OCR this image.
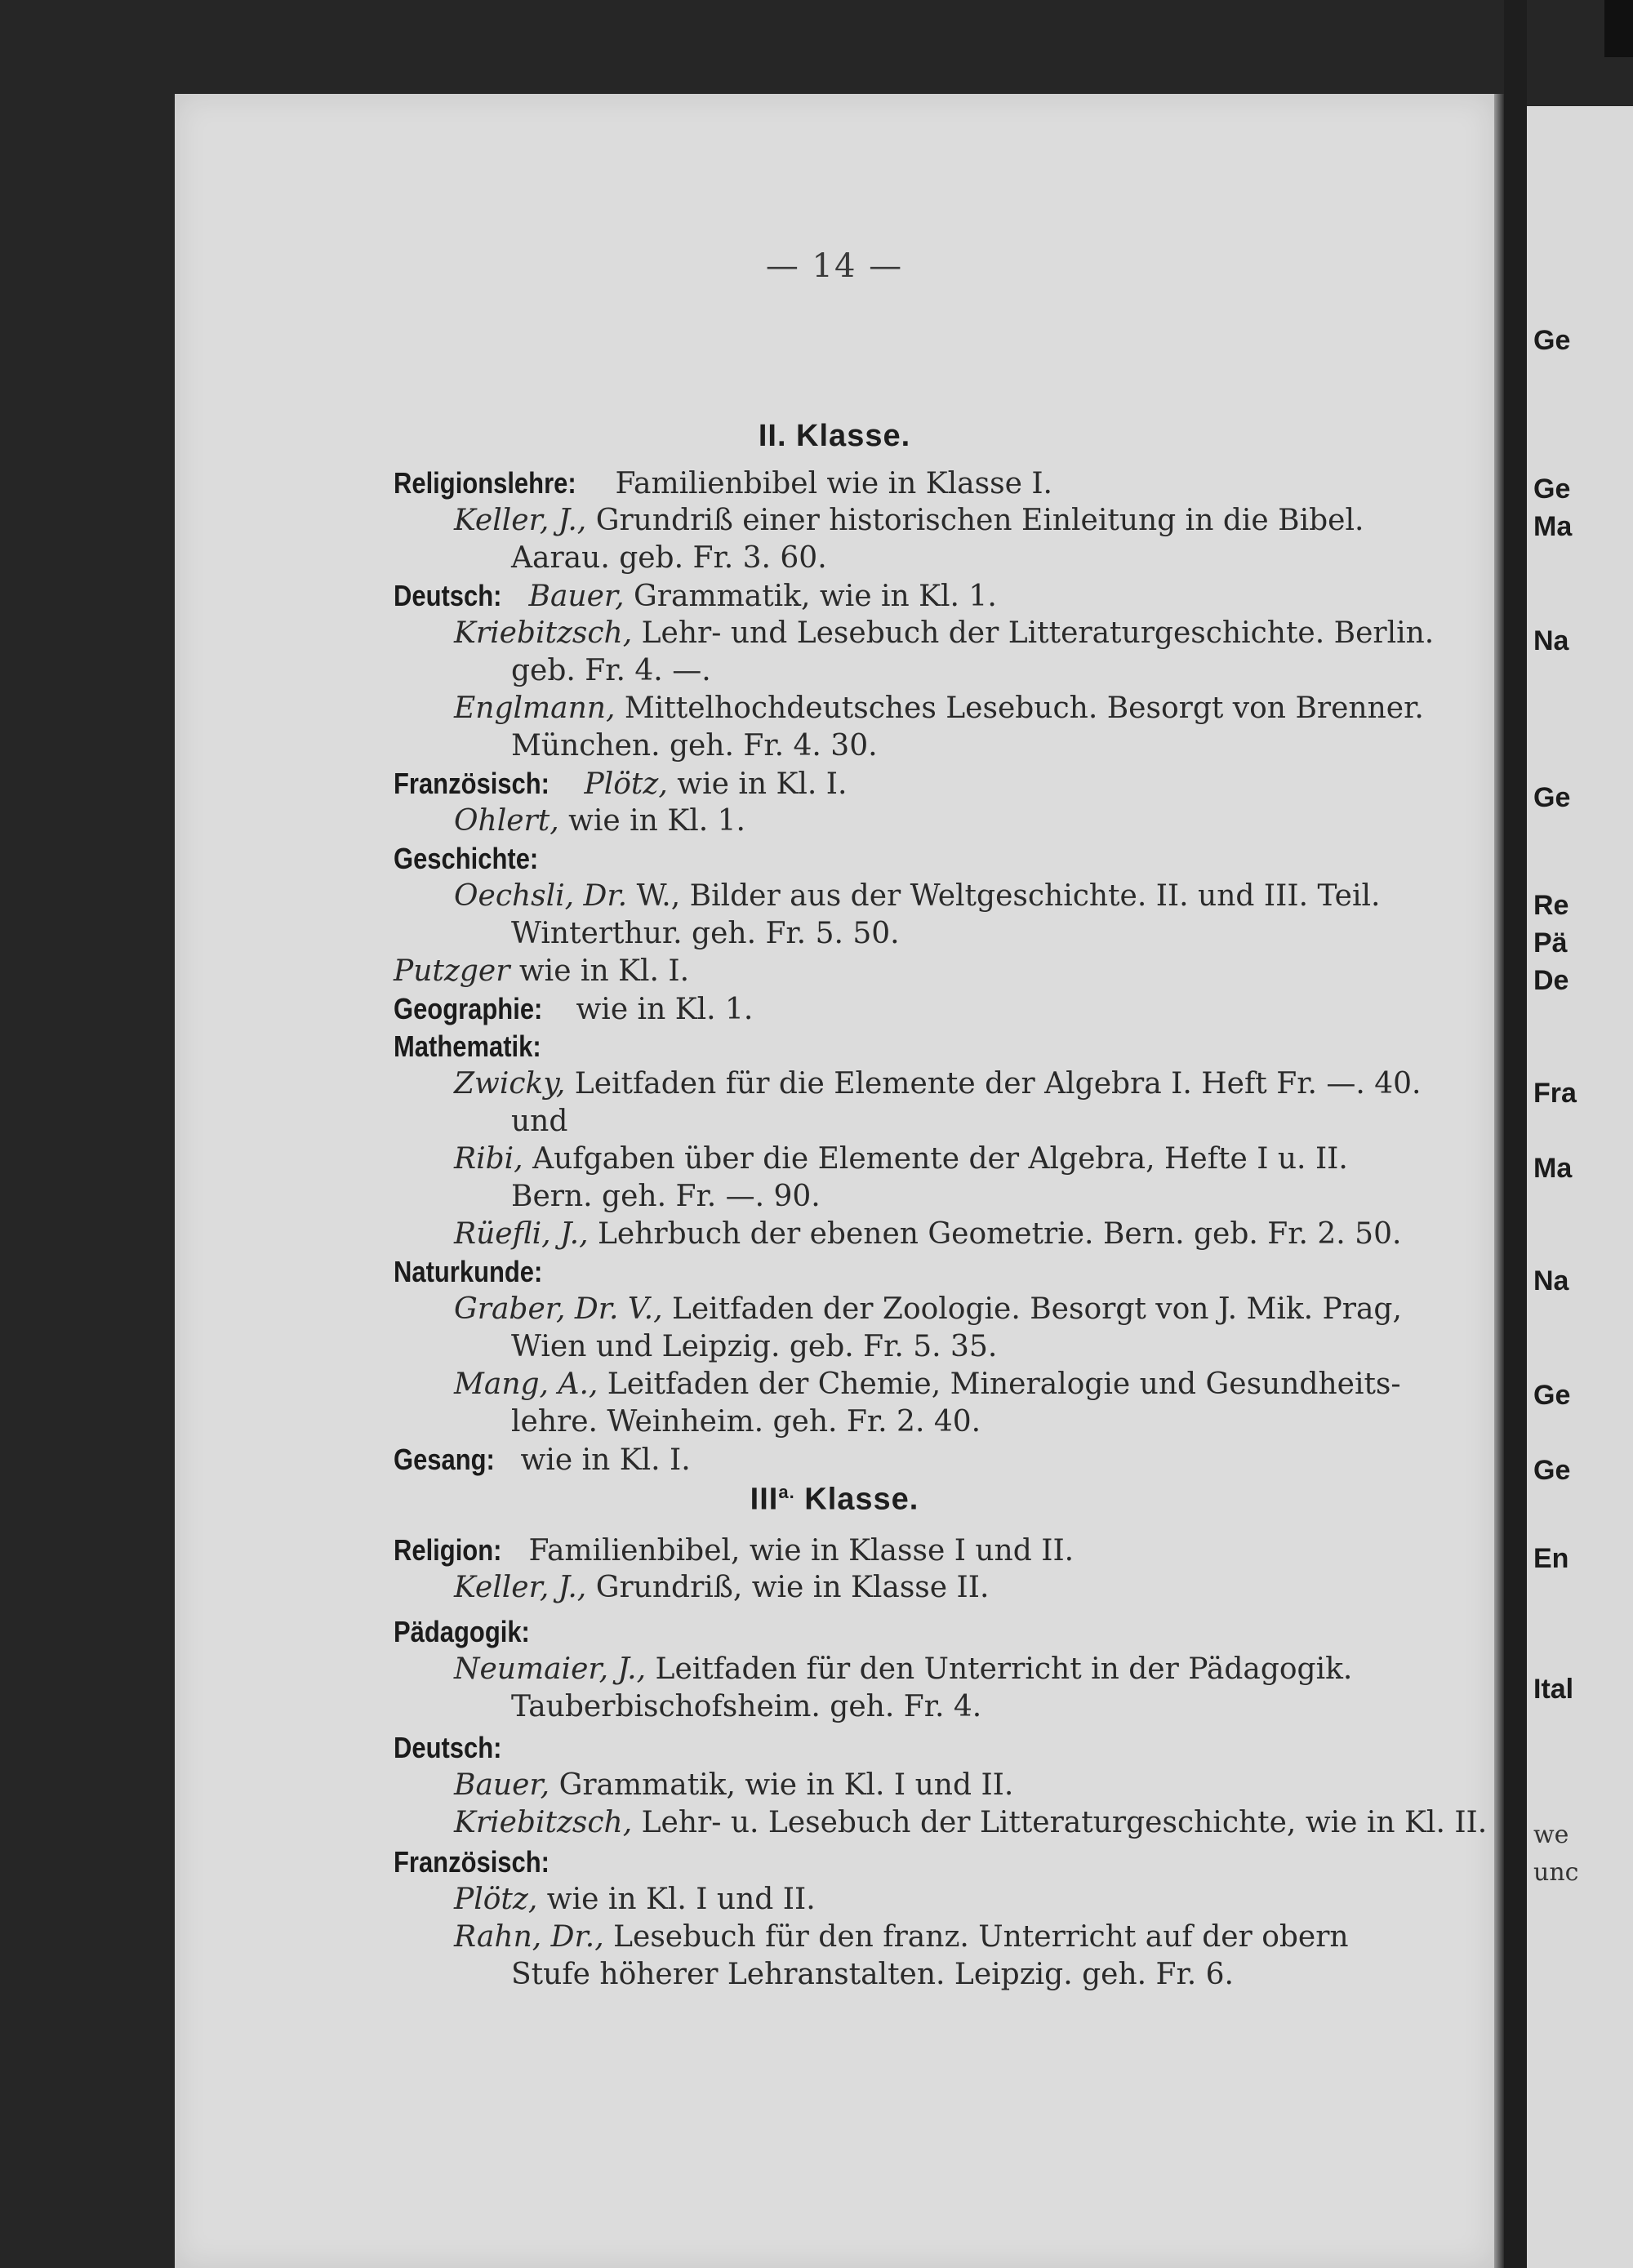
— 14 —
II. Klasse.
Religionslehre: Familienbibel wie in Klasse I.
Keller, J., Grundriß einer historischen Einleitung in die Bibel.
Aarau. geb. Fr. 3. 60.
Deutsch: Bauer, Grammatik, wie in Kl. 1.
Kriebitzsch, Lehr- und Lesebuch der Litteraturgeschichte. Berlin.
geb. Fr. 4. —.
Englmann, Mittelhochdeutsches Lesebuch. Besorgt von Brenner.
München. geh. Fr. 4. 30.
Französisch: Plötz, wie in Kl. I.
Ohlert, wie in Kl. 1.
Geschichte:
Oechsli, Dr. W., Bilder aus der Weltgeschichte. II. und III. Teil.
Winterthur. geh. Fr. 5. 50.
Putzger wie in Kl. I.
Geographie: wie in Kl. 1.
Mathematik:
Zwicky, Leitfaden für die Elemente der Algebra I. Heft Fr. —. 40.
und
Ribi, Aufgaben über die Elemente der Algebra, Hefte I u. II.
Bern. geh. Fr. —. 90.
Rüefli, J., Lehrbuch der ebenen Geometrie. Bern. geb. Fr. 2. 50.
Naturkunde:
Graber, Dr. V., Leitfaden der Zoologie. Besorgt von J. Mik. Prag,
Wien und Leipzig. geb. Fr. 5. 35.
Mang, A., Leitfaden der Chemie, Mineralogie und Gesundheits-
lehre. Weinheim. geh. Fr. 2. 40.
Gesang: wie in Kl. I.
$III^{a.}$ Klasse.
Religion: Familienbibel, wie in Klasse I und II.
Keller, J., Grundriß, wie in Klasse II.
Pädagogik:
Neumaier, J., Leitfaden für den Unterricht in der Pädagogik.
Tauberbischofsheim. geh. Fr. 4.
Deutsch:
Bauer, Grammatik, wie in Kl. I und II.
Kriebitzsch, Lehr- u. Lesebuch der Litteraturgeschichte, wie in Kl. II.
Französisch:
Plötz, wie in Kl. I und II.
Rahn, Dr., Lesebuch für den franz. Unterricht auf der obern
Stufe höherer Lehranstalten. Leipzig. geh. Fr. 6.
Ge
Ge
Ma
Na
Ge
Re
Pä
De
Fra
Ma
Na
Ge
Ge
En
Ital
we
unc
